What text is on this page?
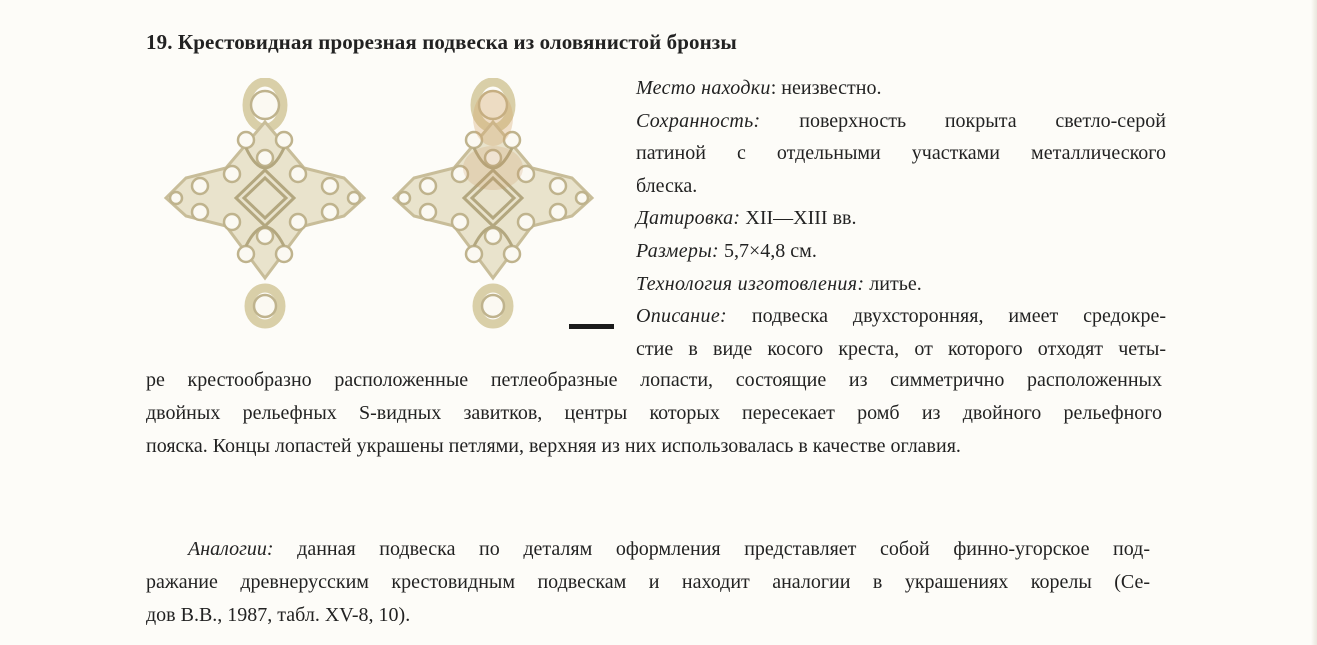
19. Крестовидная прорезная подвеска из оловянистой бронзы
Место находки: неизвестно.
Сохранность: поверхность покрыта светло-серой
патиной с отдельными участками металлического
блеска.
Датировка: XII—XIII вв.
Размеры: 5,7×4,8 см.
Технология изготовления: литье.
Описание: подвеска двухсторонняя, имеет средокре-
стие в виде косого креста, от которого отходят четы-
ре крестообразно расположенные петлеобразные лопасти, состоящие из симметрично расположенных
двойных рельефных S-видных завитков, центры которых пересекает ромб из двойного рельефного
пояска. Концы лопастей украшены петлями, верхняя из них использовалась в качестве оглавия.
Аналогии: данная подвеска по деталям оформления представляет собой финно-угорское под-
ражание древнерусским крестовидным подвескам и находит аналогии в украшениях корелы (Се-
дов В.В., 1987, табл. XV-8, 10).
